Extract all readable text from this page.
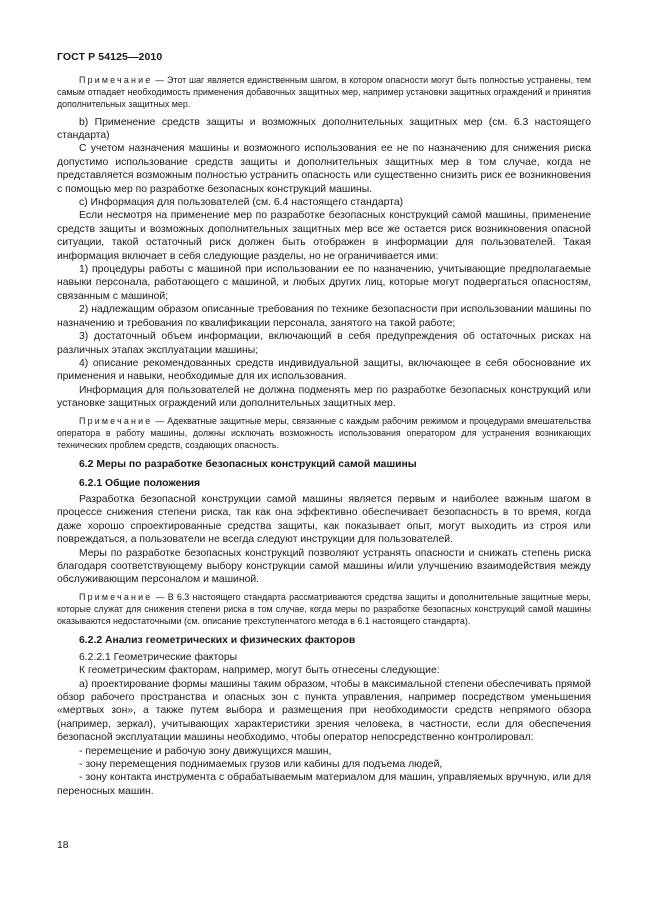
ГОСТ Р 54125—2010

Примечание — Этот шаг является единственным шагом, в котором опасности могут быть полностью устранены, тем самым отпадает необходимость применения добавочных защитных мер, например установки защитных ограждений и принятия дополнительных защитных мер.

b) Применение средств защиты и возможных дополнительных защитных мер (см. 6.3 настоящего стандарта)

С учетом назначения машины и возможного использования ее не по назначению для снижения риска допустимо использование средств защиты и дополнительных защитных мер в том случае, когда не представляется возможным полностью устранить опасность или существенно снизить риск ее возникновения с помощью мер по разработке безопасных конструкций машины.

c) Информация для пользователей (см. 6.4 настоящего стандарта)

Если несмотря на применение мер по разработке безопасных конструкций самой машины, применение средств защиты и возможных дополнительных защитных мер все же остается риск возникновения опасной ситуации, такой остаточный риск должен быть отображен в информации для пользователей. Такая информация включает в себя следующие разделы, но не ограничивается ими:

1) процедуры работы с машиной при использовании ее по назначению, учитывающие предполагаемые навыки персонала, работающего с машиной, и любых других лиц, которые могут подвергаться опасностям, связанным с машиной;

2) надлежащим образом описанные требования по технике безопасности при использовании машины по назначению и требования по квалификации персонала, занятого на такой работе;

3) достаточный объем информации, включающий в себя предупреждения об остаточных рисках на различных этапах эксплуатации машины;

4) описание рекомендованных средств индивидуальной защиты, включающее в себя обоснование их применения и навыки, необходимые для их использования.

Информация для пользователей не должна подменять мер по разработке безопасных конструкций или установке защитных ограждений или дополнительных защитных мер.

Примечание — Адекватные защитные меры, связанные с каждым рабочим режимом и процедурами вмешательства оператора в работу машины, должны исключать возможность использования оператором для устранения возникающих технических проблем средств, создающих опасность.

6.2 Меры по разработке безопасных конструкций самой машины
6.2.1 Общие положения

Разработка безопасной конструкции самой машины является первым и наиболее важным шагом в процессе снижения степени риска, так как она эффективно обеспечивает безопасность в то время, когда даже хорошо спроектированные средства защиты, как показывает опыт, могут выходить из строя или повреждаться, а пользователи не всегда следуют инструкции для пользователей.

Меры по разработке безопасных конструкций позволяют устранять опасности и снижать степень риска благодаря соответствующему выбору конструкции самой машины и/или улучшению взаимодействия между обслуживающим персоналом и машиной.

Примечание — В 6.3 настоящего стандарта рассматриваются средства защиты и дополнительные защитные меры, которые служат для снижения степени риска в том случае, когда меры по разработке безопасных конструкций самой машины оказываются недостаточными (см. описание трехступенчатого метода в 6.1 настоящего стандарта).

6.2.2 Анализ геометрических и физических факторов

6.2.2.1 Геометрические факторы

К геометрическим факторам, например, могут быть отнесены следующие:

а) проектирование формы машины таким образом, чтобы в максимальной степени обеспечивать прямой обзор рабочего пространства и опасных зон с пункта управления, например посредством уменьшения «мертвых зон», а также путем выбора и размещения при необходимости средств непрямого обзора (например, зеркал), учитывающих характеристики зрения человека, в частности, если для обеспечения безопасной эксплуатации машины необходимо, чтобы оператор непосредственно контролировал:

- перемещение и рабочую зону движущихся машин,

- зону перемещения поднимаемых грузов или кабины для подъема людей,

- зону контакта инструмента с обрабатываемым материалом для машин, управляемых вручную, или для переносных машин.

18
